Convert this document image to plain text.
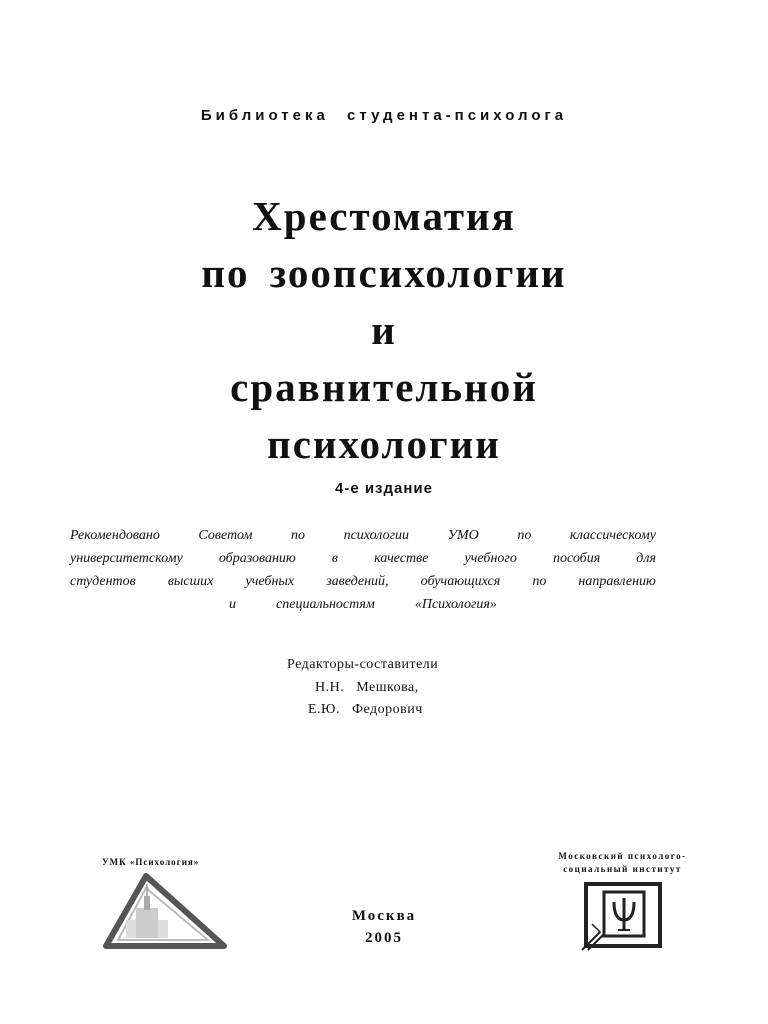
Библиотека студента-психолога
Хрестоматия
по зоопсихологии
и
сравнительной
психологии
4-е издание
Рекомендовано	Советом	по	психологии	УМО	по	классическому
университетскому	образованию	в	качестве	учебного	пособия	для
студентов высших учебных заведений, обучающихся по направлению
и	специальностям	«Психология»
Редакторы-составители
Н.Н. Мешкова,
Е.Ю. Федорович
УМК «Психология»
Москва
2005
Московский психолого-
социальный институт
